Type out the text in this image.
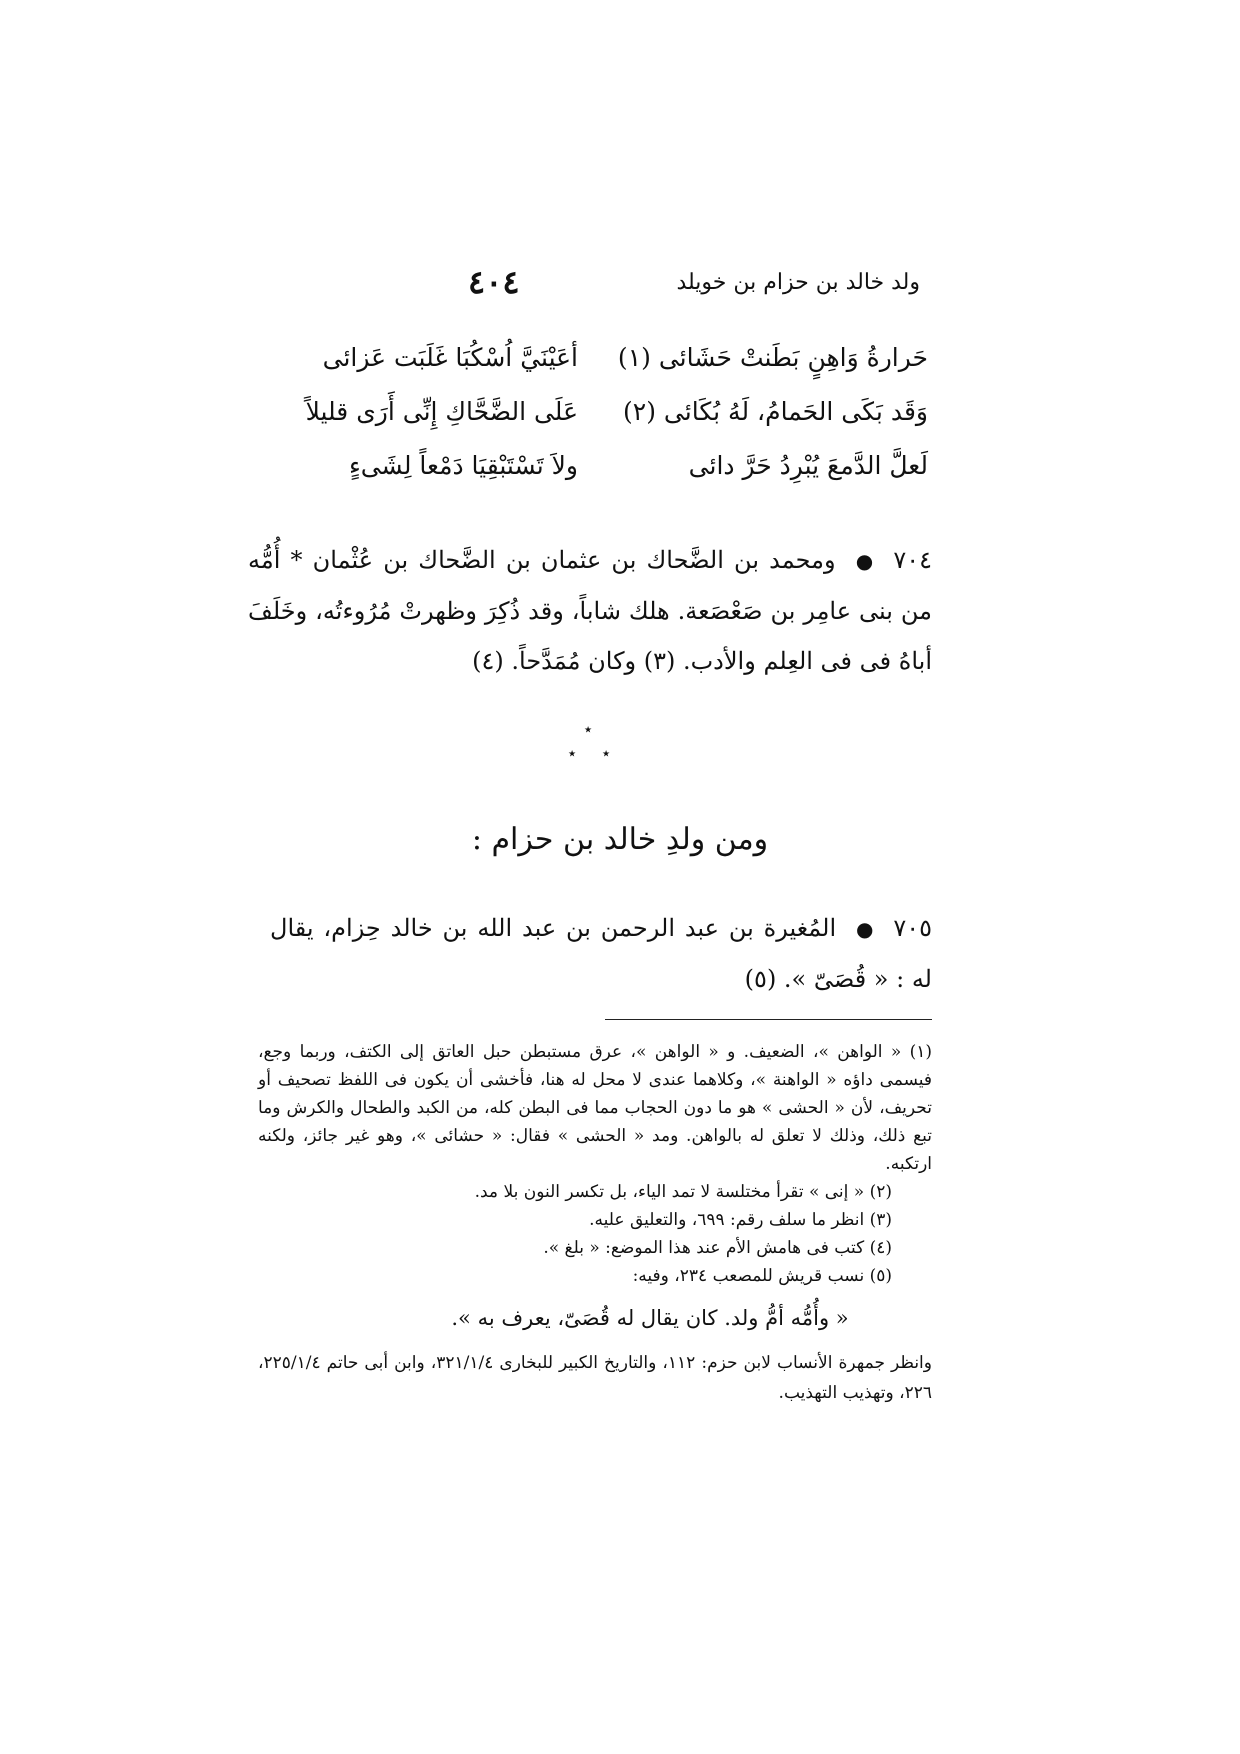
٤٠٤	ولد خالد بن حزام بن خويلد
أعَيْنَيَّ اُسْكُبَا غَلَبَت عَزائى	حَرارةُ وَاهِنٍ بَطَنتْ حَشَائى (١)
عَلَى الضَّحَّاكِ إِنِّى أَرَى قليلاً	وَقَد بَكَى الحَمامُ، لَهُ بُكَائى (٢)
ولاَ تَسْتَبْقِيَا دَمْعاً لِشَىءٍ	لَعلَّ الدَّمعَ يُبْرِدُ حَرَّ دائى
٧٠٤ ● ومحمد بن الضَّحاك بن عثمان بن الضَّحاك بن عُثْمان * أُمُّه من بنى عامِر بن صَعْصَعة. هلك شاباً، وقد ذُكِرَ وظهرتْ مُرُوءتُه، وخَلَفَ أباهُ فى فى العِلم والأدب. (٣) وكان مُمَدَّحاً. (٤)
٭
٭ ٭
ومن ولدِ خالد بن حزام :
٧٠٥ ● المُغيرة بن عبد الرحمن بن عبد الله بن خالد حِزام، يقال له : « قُصَىّ ». (٥)

(١) « الواهن »، الضعيف. و « الواهن »، عرق مستبطن حبل العاتق إلى الكتف، وربما وجع، فيسمى داؤه « الواهنة »، وكلاهما عندى لا محل له هنا، فأخشى أن يكون فى اللفظ تصحيف أو تحريف، لأن « الحشى » هو ما دون الحجاب مما فى البطن كله، من الكبد والطحال والكرش وما تبع ذلك، وذلك لا تعلق له بالواهن. ومد « الحشى » فقال: « حشائى »، وهو غير جائز، ولكنه ارتكبه.

(٢) « إنى » تقرأ مختلسة لا تمد الياء، بل تكسر النون بلا مد.

(٣) انظر ما سلف رقم: ٦٩٩، والتعليق عليه.

(٤) كتب فى هامش الأم عند هذا الموضع: « بلغ ».

(٥) نسب قريش للمصعب ٢٣٤، وفيه:

« وأُمُّه أمُّ ولد. كان يقال له قُصَىّ، يعرف به ».

وانظر جمهرة الأنساب لابن حزم: ١١٢، والتاريخ الكبير للبخارى ٣٢١/١/٤، وابن أبى حاتم ٢٢٥/١/٤، ٢٢٦، وتهذيب التهذيب.
